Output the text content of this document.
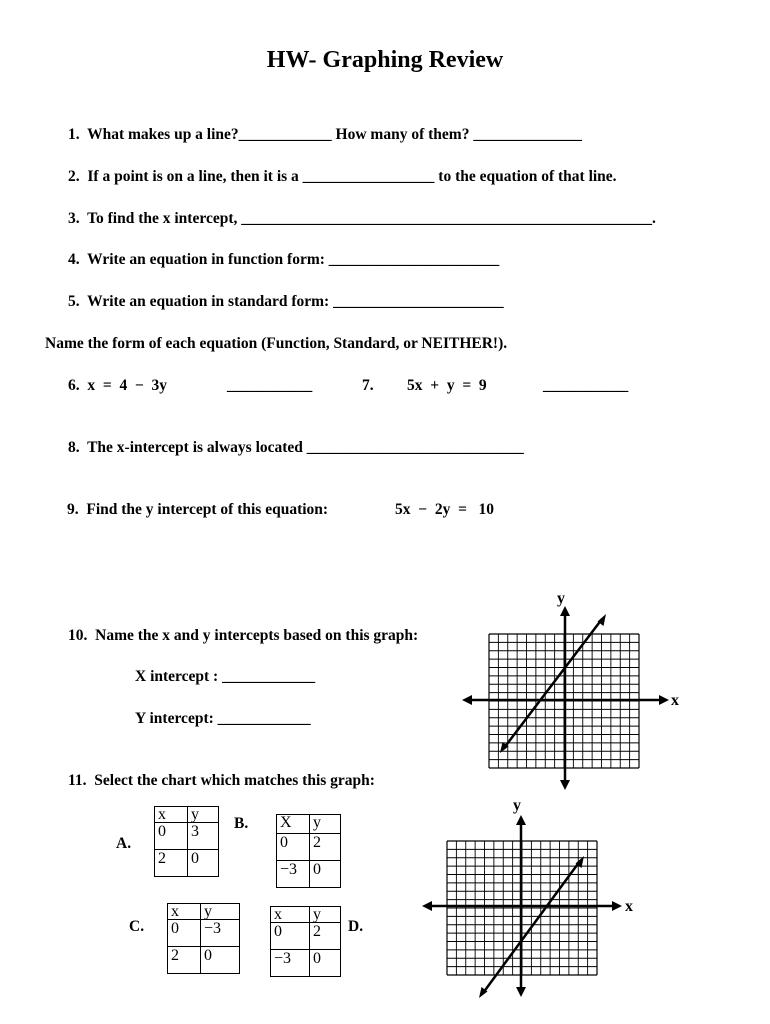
HW- Graphing Review
1.  What makes up a line?____________ How many of them? ______________
2.  If a point is on a line, then it is a _________________ to the equation of that line.
3.  To find the x intercept, _____________________________________________________.
4.  Write an equation in function form: ______________________
5.  Write an equation in standard form: ______________________
Name the form of each equation (Function, Standard, or NEITHER!).
6.  x  =  4  −  3y	___________	7. 5x  +  y  =  9	___________
8.  The x-intercept is always located ____________________________
9.  Find the y intercept of this equation:	5x  −  2y  =   10
10.  Name the x and y intercepts based on this graph:
X intercept : ____________
Y intercept: ____________
11.  Select the chart which matches this graph:
x
y
A.
x	y
0	3
2	0
B. X	y
0	2
−3	0
C.
x	y
0	−3
2	0
x	y
0	2
−3	0
D.
x
y
